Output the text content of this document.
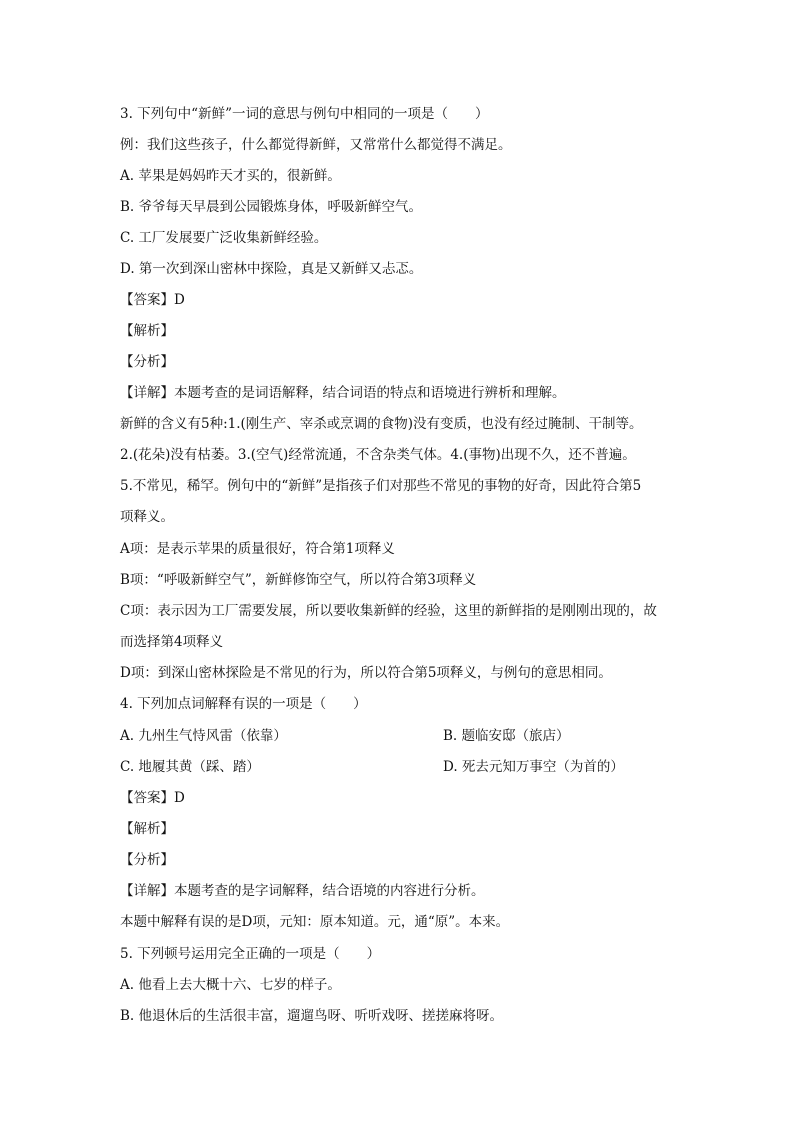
3. 下列句中“新鲜”一词的意思与例句中相同的一项是（　　）
例：我们这些孩子，什么都觉得新鲜，又常常什么都觉得不满足。
A. 苹果是妈妈昨天才买的，很新鲜。
B. 爷爷每天早晨到公园锻炼身体，呼吸新鲜空气。
C. 工厂发展要广泛收集新鲜经验。
D. 第一次到深山密林中探险，真是又新鲜又忐忑。
【答案】D
【解析】
【分析】
【详解】本题考查的是词语解释，结合词语的特点和语境进行辨析和理解。
新鲜的含义有5种:1.(刚生产、宰杀或烹调的食物)没有变质，也没有经过腌制、干制等。
2.(花朵)没有枯萎。3.(空气)经常流通，不含杂类气体。4.(事物)出现不久，还不普遍。
5.不常见，稀罕。例句中的“新鲜”是指孩子们对那些不常见的事物的好奇，因此符合第5
项释义。
A项：是表示苹果的质量很好，符合第1项释义
B项：“呼吸新鲜空气”，新鲜修饰空气，所以符合第3项释义
C项：表示因为工厂需要发展，所以要收集新鲜的经验，这里的新鲜指的是刚刚出现的，故
而选择第4项释义
D项：到深山密林探险是不常见的行为，所以符合第5项释义，与例句的意思相同。
4. 下列加点词解释有误的一项是（　　）
A. 九州生气恃风雷（依靠）	B. 题临安邸（旅店）
C. 地履其黄（踩、踏）	D. 死去元知万事空（为首的）
【答案】D
【解析】
【分析】
【详解】本题考查的是字词解释，结合语境的内容进行分析。
本题中解释有误的是D项，元知：原本知道。元，通“原”。本来。
5. 下列顿号运用完全正确的一项是（　　）
A. 他看上去大概十六、七岁的样子。
B. 他退休后的生活很丰富，遛遛鸟呀、听听戏呀、搓搓麻将呀。
